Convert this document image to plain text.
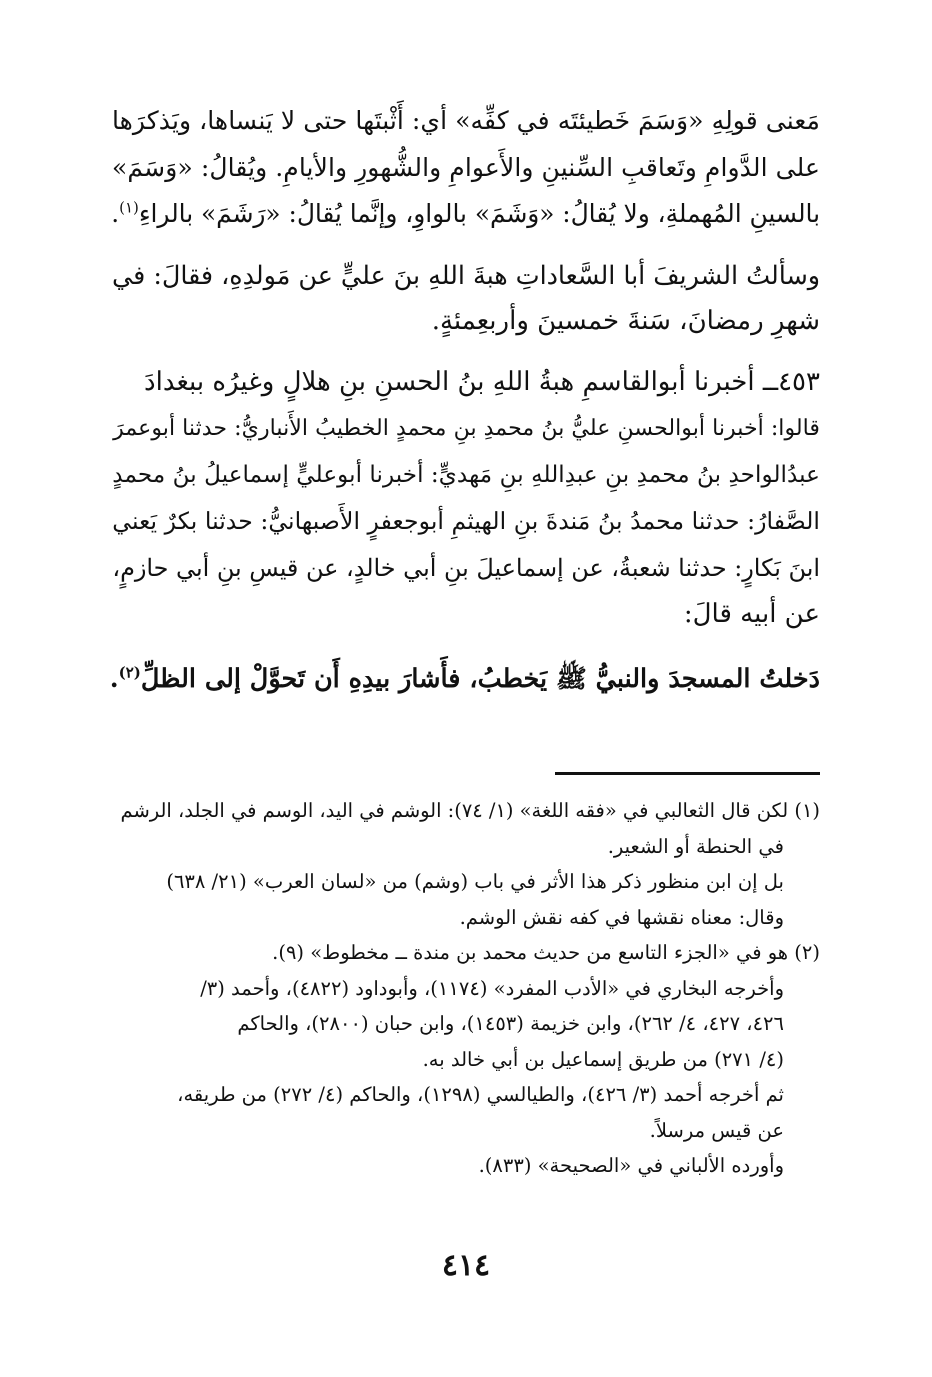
مَعنى قولِهِ «وَسَمَ خَطيئتَه في كفِّه» أي: أَثْبتَها حتى لا يَنساها، ويَذكرَها
على الدَّوامِ وتَعاقبِ السِّنينِ والأَعوامِ والشُّهورِ والأيامِ. ويُقالُ: «وَسَمَ»
بالسينِ المُهملةِ، ولا يُقالُ: «وَشَمَ» بالواوِ، وإنَّما يُقالُ: «رَشَمَ» بالراءِ$^{(١)}$.

وسألتُ الشريفَ أبا السَّعاداتِ هبةَ اللهِ بنَ عليٍّ عن مَولدِهِ، فقالَ: في
شهرِ رمضانَ، سَنةَ خمسينَ وأربعِمئةٍ.

٤٥٣ــ أخبرنا أبوالقاسمِ هبةُ اللهِ بنُ الحسنِ بنِ هلالٍ وغيرُه ببغدادَ
قالوا: أخبرنا أبوالحسنِ عليُّ بنُ محمدِ بنِ محمدٍ الخطيبُ الأَنباريُّ: حدثنا أبوعمرَ
عبدُالواحدِ بنُ محمدِ بنِ عبدِاللهِ بنِ مَهديٍّ: أخبرنا أبوعليٍّ إسماعيلُ بنُ محمدٍ
الصَّفارُ: حدثنا محمدُ بنُ مَندةَ بنِ الهيثمِ أبوجعفرٍ الأَصبهانيُّ: حدثنا بكرٌ يَعني
ابنَ بَكارٍ: حدثنا شعبةُ، عن إسماعيلَ بنِ أبي خالدٍ، عن قيسِ بنِ أبي حازمٍ،
عن أبيه قالَ:

دَخلتُ المسجدَ والنبيُّ ﷺ يَخطبُ، فأَشارَ بيدِهِ أَن تَحوَّلْ إلى الظلِّ$^{(٢)}$.

(١) لكن قال الثعالبي في «فقه اللغة» (١/ ٧٤): الوشم في اليد، الوسم في الجلد، الرشم
في الحنطة أو الشعير.
بل إن ابن منظور ذكر هذا الأثر في باب (وشم) من «لسان العرب» (٢١/ ٦٣٨)
وقال: معناه نقشها في كفه نقش الوشم.
(٢) هو في «الجزء التاسع من حديث محمد بن مندة ــ مخطوط» (٩).
وأخرجه البخاري في «الأدب المفرد» (١١٧٤)، وأبوداود (٤٨٢٢)، وأحمد (٣/
٤٢٦، ٤٢٧، ٤/ ٢٦٢)، وابن خزيمة (١٤٥٣)، وابن حبان (٢٨٠٠)، والحاكم
(٤/ ٢٧١) من طريق إسماعيل بن أبي خالد به.
ثم أخرجه أحمد (٣/ ٤٢٦)، والطيالسي (١٢٩٨)، والحاكم (٤/ ٢٧٢) من طريقه،
عن قيس مرسلاً.
وأورده الألباني في «الصحيحة» (٨٣٣).
٤١٤
